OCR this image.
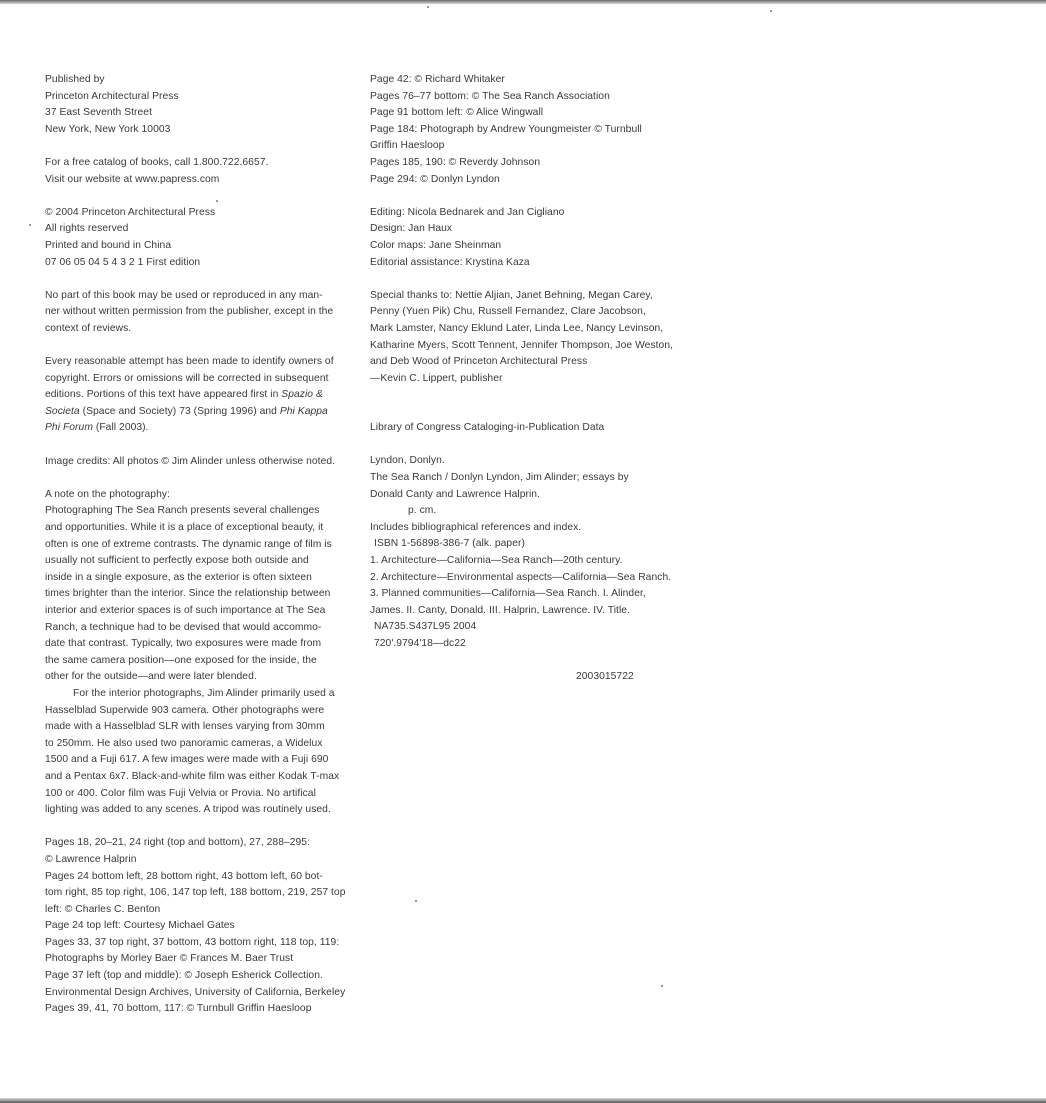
Published by
Princeton Architectural Press
37 East Seventh Street
New York, New York 10003
For a free catalog of books, call 1.800.722.6657.
Visit our website at www.papress.com
© 2004 Princeton Architectural Press
All rights reserved
Printed and bound in China
07 06 05 04 5 4 3 2 1 First edition
No part of this book may be used or reproduced in any man-
ner without written permission from the publisher, except in the
context of reviews.
Every reasonable attempt has been made to identify owners of
copyright. Errors or omissions will be corrected in subsequent
editions. Portions of this text have appeared first in Spazio &
Societa (Space and Society) 73 (Spring 1996) and Phi Kappa
Phi Forum (Fall 2003).
Image credits: All photos © Jim Alinder unless otherwise noted.
A note on the photography:
Photographing The Sea Ranch presents several challenges
and opportunities. While it is a place of exceptional beauty, it
often is one of extreme contrasts. The dynamic range of film is
usually not sufficient to perfectly expose both outside and
inside in a single exposure, as the exterior is often sixteen
times brighter than the interior. Since the relationship between
interior and exterior spaces is of such importance at The Sea
Ranch, a technique had to be devised that would accommo-
date that contrast. Typically, two exposures were made from
the same camera position—one exposed for the inside, the
other for the outside—and were later blended.
For the interior photographs, Jim Alinder primarily used a
Hasselblad Superwide 903 camera. Other photographs were
made with a Hasselblad SLR with lenses varying from 30mm
to 250mm. He also used two panoramic cameras, a Widelux
1500 and a Fuji 617. A few images were made with a Fuji 690
and a Pentax 6x7. Black-and-white film was either Kodak T-max
100 or 400. Color film was Fuji Velvia or Provia. No artifical
lighting was added to any scenes. A tripod was routinely used.
Pages 18, 20–21, 24 right (top and bottom), 27, 288–295:
© Lawrence Halprin
Pages 24 bottom left, 28 bottom right, 43 bottom left, 60 bot-
tom right, 85 top right, 106, 147 top left, 188 bottom, 219, 257 top
left: © Charles C. Benton
Page 24 top left: Courtesy Michael Gates
Pages 33, 37 top right, 37 bottom, 43 bottom right, 118 top, 119:
Photographs by Morley Baer © Frances M. Baer Trust
Page 37 left (top and middle): © Joseph Esherick Collection.
Environmental Design Archives, University of California, Berkeley
Pages 39, 41, 70 bottom, 117: © Turnbull Griffin Haesloop
Page 42: © Richard Whitaker
Pages 76–77 bottom: © The Sea Ranch Association
Page 91 bottom left: © Alice Wingwall
Page 184: Photograph by Andrew Youngmeister © Turnbull
Griffin Haesloop
Pages 185, 190: © Reverdy Johnson
Page 294: © Donlyn Lyndon
Editing: Nicola Bednarek and Jan Cigliano
Design: Jan Haux
Color maps: Jane Sheinman
Editorial assistance: Krystina Kaza
Special thanks to: Nettie Aljian, Janet Behning, Megan Carey,
Penny (Yuen Pik) Chu, Russell Fernandez, Clare Jacobson,
Mark Lamster, Nancy Eklund Later, Linda Lee, Nancy Levinson,
Katharine Myers, Scott Tennent, Jennifer Thompson, Joe Weston,
and Deb Wood of Princeton Architectural Press
—Kevin C. Lippert, publisher
Library of Congress Cataloging-in-Publication Data
Lyndon, Donlyn.
The Sea Ranch / Donlyn Lyndon, Jim Alinder; essays by
Donald Canty and Lawrence Halprin.
p. cm.
Includes bibliographical references and index.
ISBN 1-56898-386-7 (alk. paper)
1. Architecture—California—Sea Ranch—20th century.
2. Architecture—Environmental aspects—California—Sea Ranch.
3. Planned communities—California—Sea Ranch. I. Alinder,
James. II. Canty, Donald. III. Halprin, Lawrence. IV. Title.
NA735.S437L95 2004
720'.9794'18—dc22
2003015722
